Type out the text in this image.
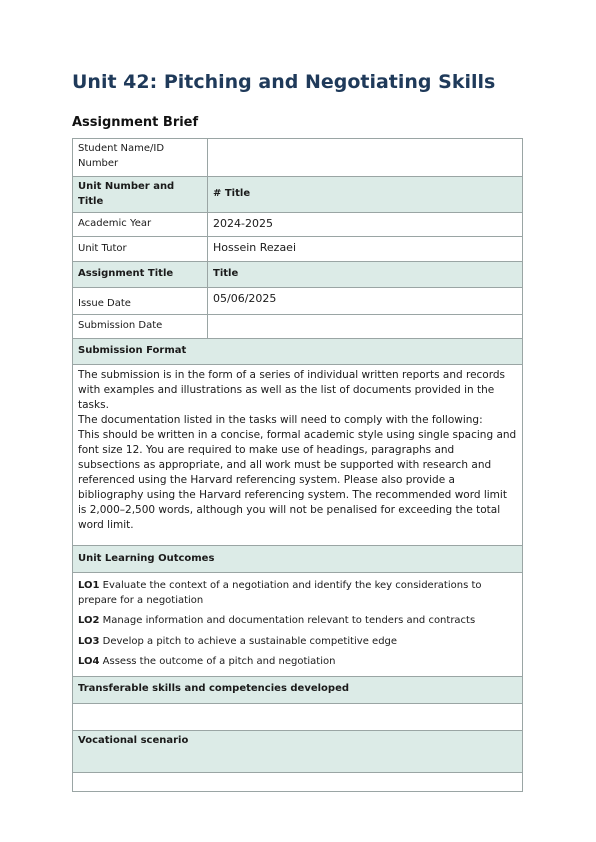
Unit 42: Pitching and Negotiating Skills
Assignment Brief
Student Name/ID Number	
Unit Number and Title	# Title
Academic Year	2024-2025
Unit Tutor	Hossein Rezaei
Assignment Title	Title
Issue Date	05/06/2025
Submission Date	
Submission Format	

The submission is in the form of a series of individual written reports and records with examples and illustrations as well as the list of documents provided in the tasks.

The documentation listed in the tasks will need to comply with the following:

This should be written in a concise, formal academic style using single spacing and font size 12. You are required to make use of headings, paragraphs and subsections as appropriate, and all work must be supported with research and referenced using the Harvard referencing system. Please also provide a bibliography using the Harvard referencing system. The recommended word limit is 2,000–2,500 words, although you will not be penalised for exceeding the total word limit.	

Unit Learning Outcomes	

LO1 Evaluate the context of a negotiation and identify the key considerations to prepare for a negotiation

LO2 Manage information and documentation relevant to tenders and contracts

LO3 Develop a pitch to achieve a sustainable competitive edge

LO4 Assess the outcome of a pitch and negotiation	

Transferable skills and competencies developed	

Vocational scenario	
